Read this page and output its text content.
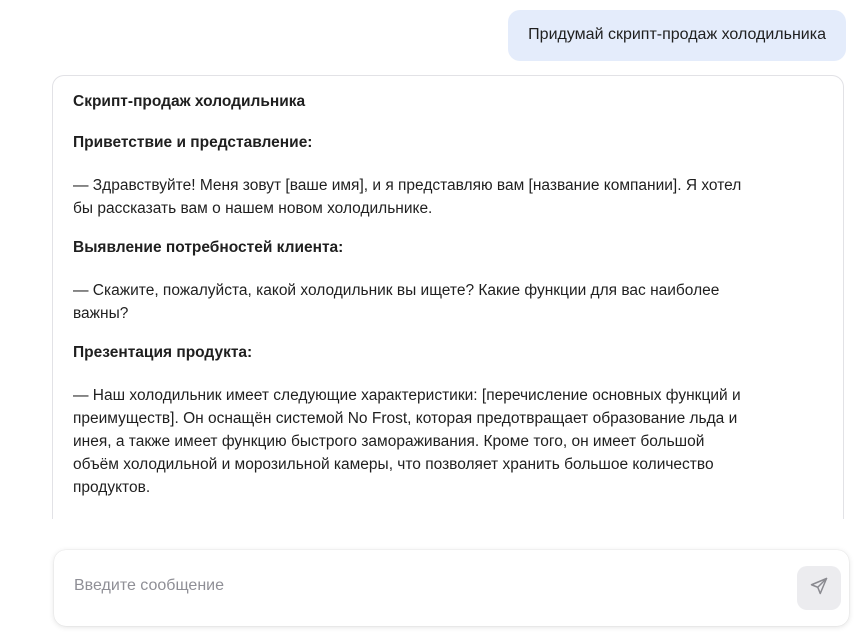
Придумай скрипт-продаж холодильника
Скрипт-продаж холодильника
Приветствие и представление:
— Здравствуйте! Меня зовут [ваше имя], и я представляю вам [название компании]. Я хотел бы рассказать вам о нашем новом холодильнике.
Выявление потребностей клиента:
— Скажите, пожалуйста, какой холодильник вы ищете? Какие функции для вас наиболее важны?
Презентация продукта:
— Наш холодильник имеет следующие характеристики: [перечисление основных функций и преимуществ]. Он оснащён системой No Frost, которая предотвращает образование льда и инея, а также имеет функцию быстрого замораживания. Кроме того, он имеет большой объём холодильной и морозильной камеры, что позволяет хранить большое количество продуктов.
Введите сообщение
